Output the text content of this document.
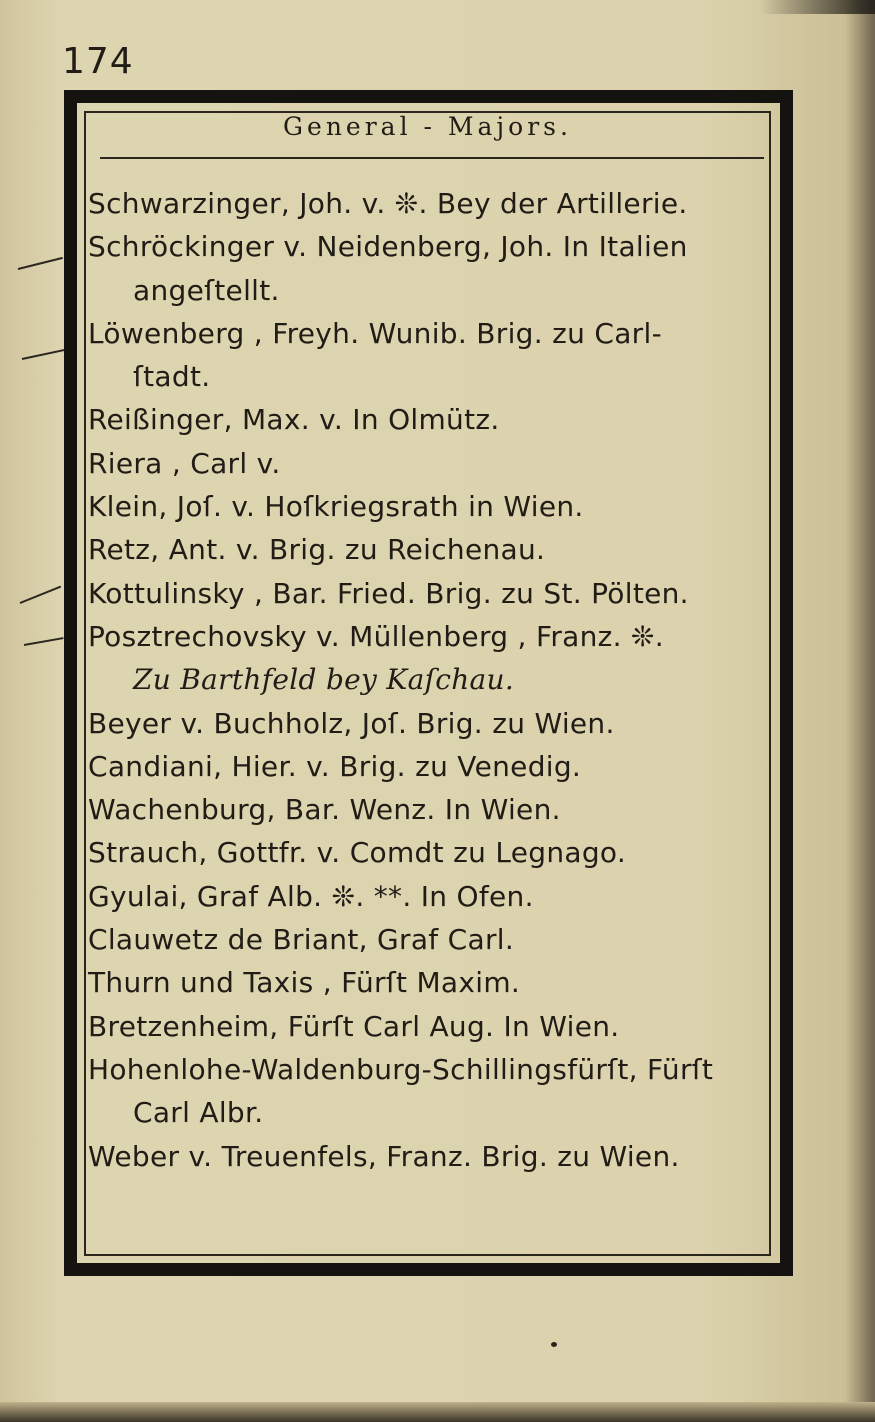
174
General - Majors.
Schwarzinger, Joh. v. ❊. Bey der Artillerie.
Schröckinger v. Neidenberg, Joh. In Italien
angeſtellt.
Löwenberg , Freyh. Wunib. Brig. zu Carl-
ſtadt.
Reißinger, Max. v. In Olmütz.
Riera , Carl v.
Klein, Joſ. v. Hoſkriegsrath in Wien.
Retz, Ant. v. Brig. zu Reichenau.
Kottulinsky , Bar. Fried. Brig. zu St. Pölten.
Posztrechovsky v. Müllenberg , Franz. ❊.
Zu Barthfeld bey Kaſchau.
Beyer v. Buchholz, Joſ. Brig. zu Wien.
Candiani, Hier. v. Brig. zu Venedig.
Wachenburg, Bar. Wenz. In Wien.
Strauch, Gottfr. v. Comdt zu Legnago.
Gyulai, Graf Alb. ❊. **. In Ofen.
Clauwetz de Briant, Graf Carl.
Thurn und Taxis , Fürſt Maxim.
Bretzenheim, Fürſt Carl Aug. In Wien.
Hohenlohe-Waldenburg-Schillingsfürſt, Fürſt
Carl Albr.
Weber v. Treuenfels, Franz. Brig. zu Wien.
